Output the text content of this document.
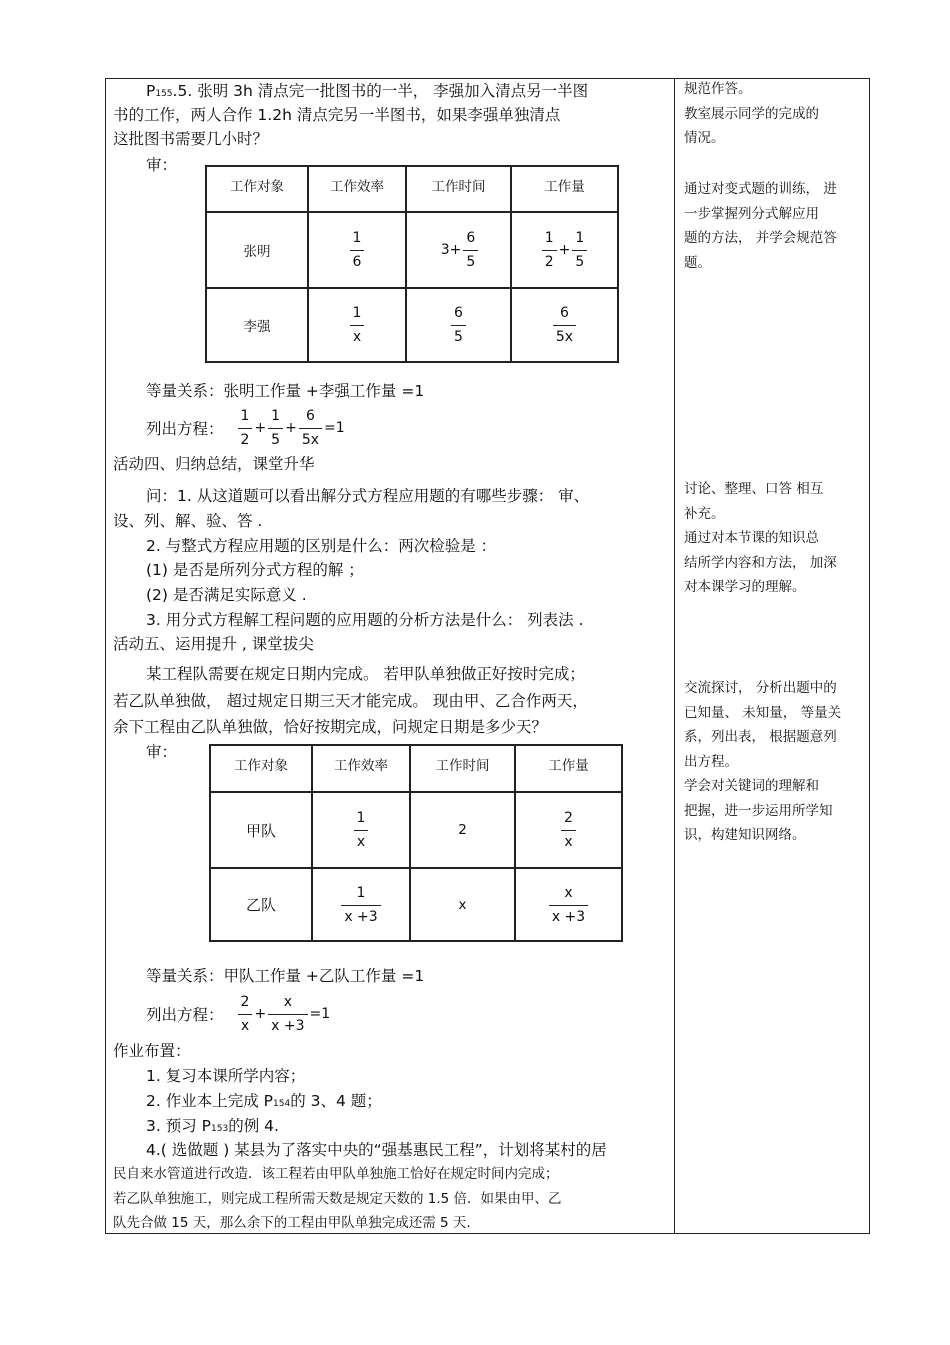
P155.5. 张明 3h 清点完一批图书的一半， 李强加入清点另一半图
书的工作，两人合作 1.2h 清点完另一半图书，如果李强单独清点
这批图书需要几小时？
审：
工作对象	工作效率	工作时间	工作量
张明	$\frac{1}{6}$	$3+ \frac{6}{5}$	$\frac{1}{2} + \frac{1}{5}$

李强	$\frac{1}{x}$	$\frac{6}{5}$	$\frac{6}{5x}$
等量关系：张明工作量 +李强工作量 =1
列出方程： $\frac{1}{2} + \frac{1}{5} + \frac{6}{5x} =1$
活动四、归纳总结，课堂升华
问：1. 从这道题可以看出解分式方程应用题的有哪些步骤： 审、
设、列、解、验、答 .
2. 与整式方程应用题的区别是什么：两次检验是 ：
(1) 是否是所列分式方程的解 ；
(2) 是否满足实际意义 .
3. 用分式方程解工程问题的应用题的分析方法是什么： 列表法 .
活动五、运用提升 , 课堂拔尖
某工程队需要在规定日期内完成。 若甲队单独做正好按时完成；
若乙队单独做， 超过规定日期三天才能完成。 现由甲、乙合作两天，
余下工程由乙队单独做，恰好按期完成，问规定日期是多少天？
审：
工作对象	工作效率	工作时间	工作量
甲队	$\frac{1}{x}$	2	$\frac{2}{x}$

乙队	$\frac{1}{x +3}$	x	$\frac{x}{x +3}$
等量关系：甲队工作量 +乙队工作量 =1
列出方程： $\frac{2}{x} + \frac{x}{x +3} =1$
作业布置：
1. 复习本课所学内容；
2. 作业本上完成 P154的 3、4 题；
3. 预习 P153的例 4.
4.( 选做题 ) 某县为了落实中央的“强基惠民工程”，计划将某村的居
民自来水管道进行改造．该工程若由甲队单独施工恰好在规定时间内完成；
若乙队单独施工，则完成工程所需天数是规定天数的 1.5 倍．如果由甲、乙
队先合做 15 天，那么余下的工程由甲队单独完成还需 5 天.

规范作答。

教室展示同学的完成的

情况。

通过对变式题的训练， 进

一步掌握列分式解应用

题的方法， 并学会规范答

题。

讨论、整理、口答 相互

补充。

通过对本节课的知识总

结所学内容和方法， 加深

对本课学习的理解。

交流探讨， 分析出题中的

已知量、 未知量， 等量关

系，列出表， 根据题意列

出方程。

学会对关键词的理解和

把握，进一步运用所学知

识，构建知识网络。
